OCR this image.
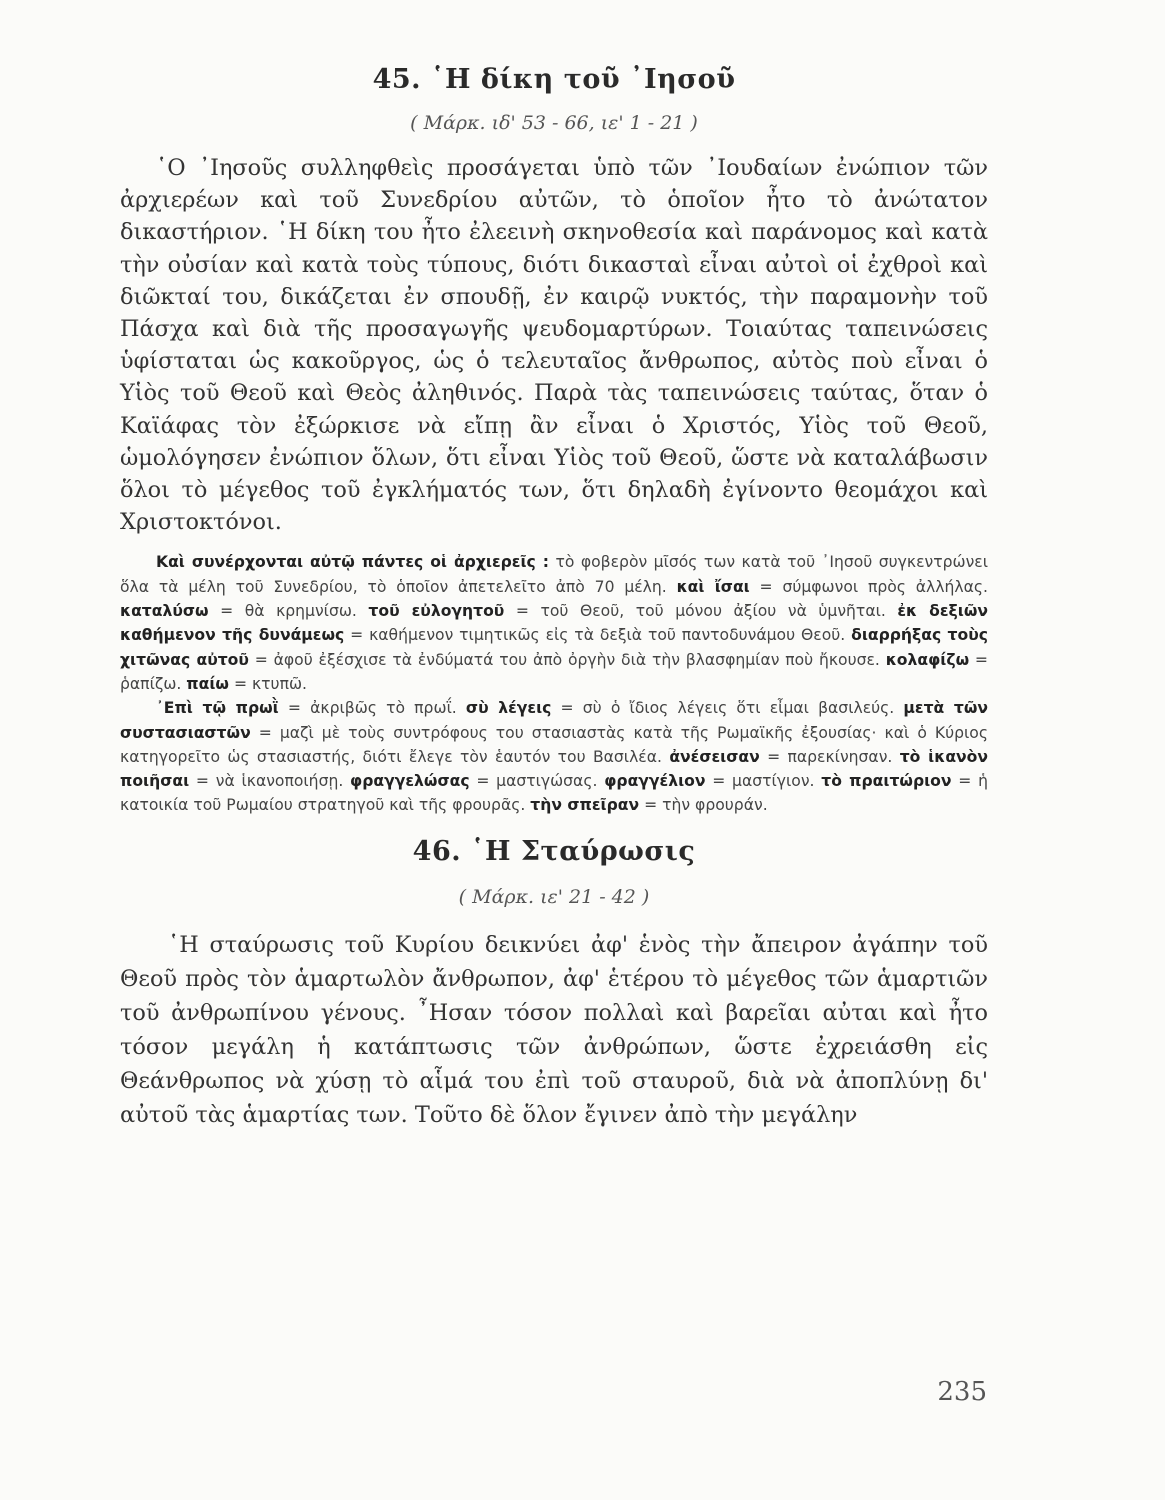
45. ῾Η δίκη τοῦ ᾿Ιησοῦ
( Μάρκ. ιδ' 53 - 66, ιε' 1 - 21 )

῾Ο ᾿Ιησοῦς συλληφθεὶς προσάγεται ὑπὸ τῶν ᾿Ιουδαίων ἐνώπιον τῶν ἀρχιερέων καὶ τοῦ Συνεδρίου αὐτῶν, τὸ ὁποῖον ἦτο τὸ ἀνώτατον δικαστήριον. ῾Η δίκη του ἦτο ἐλεεινὴ σκηνοθεσία καὶ παράνομος καὶ κατὰ τὴν οὐσίαν καὶ κατὰ τοὺς τύπους, διότι δικασταὶ εἶναι αὐτοὶ οἱ ἐχθροὶ καὶ διῶκταί του, δικάζεται ἐν σπουδῇ, ἐν καιρῷ νυκτός, τὴν παραμονὴν τοῦ Πάσχα καὶ διὰ τῆς προσαγωγῆς ψευδομαρτύρων. Τοιαύτας ταπεινώσεις ὑφίσταται ὡς κακοῦργος, ὡς ὁ τελευταῖος ἄνθρωπος, αὐτὸς ποὺ εἶναι ὁ Υἱὸς τοῦ Θεοῦ καὶ Θεὸς ἀληθινός. Παρὰ τὰς ταπεινώσεις ταύτας, ὅταν ὁ Καϊάφας τὸν ἐξώρκισε νὰ εἴπῃ ἂν εἶναι ὁ Χριστός, Υἱὸς τοῦ Θεοῦ, ὡμολόγησεν ἐνώπιον ὅλων, ὅτι εἶναι Υἱὸς τοῦ Θεοῦ, ὥστε νὰ καταλάβωσιν ὅλοι τὸ μέγεθος τοῦ ἐγκλήματός των, ὅτι δηλαδὴ ἐγίνοντο θεομάχοι καὶ Χριστοκτόνοι.

Καὶ συνέρχονται αὐτῷ πάντες οἱ ἀρχιερεῖς : τὸ φοβερὸν μῖσός των κατὰ τοῦ ᾿Ιησοῦ συγκεντρώνει ὅλα τὰ μέλη τοῦ Συνεδρίου, τὸ ὁποῖον ἀπετελεῖτο ἀπὸ 70 μέλη. καὶ ἴσαι = σύμφωνοι πρὸς ἀλλήλας. καταλύσω = θὰ κρημνίσω. τοῦ εὐλογητοῦ = τοῦ Θεοῦ, τοῦ μόνου ἀξίου νὰ ὑμνῆται. ἐκ δεξιῶν καθήμενον τῆς δυνάμεως = καθήμενον τιμητικῶς εἰς τὰ δεξιὰ τοῦ παντοδυνάμου Θεοῦ. διαρρήξας τοὺς χιτῶνας αὐτοῦ = ἀφοῦ ἐξέσχισε τὰ ἐνδύματά του ἀπὸ ὀργὴν διὰ τὴν βλασφημίαν ποὺ ἤκουσε. κολαφίζω = ῥαπίζω. παίω = κτυπῶ.

᾿Επὶ τῷ πρωῒ = ἀκριβῶς τὸ πρωΐ. σὺ λέγεις = σὺ ὁ ἴδιος λέγεις ὅτι εἶμαι βασιλεύς. μετὰ τῶν συστασιαστῶν = μαζὶ μὲ τοὺς συντρόφους του στασιαστὰς κατὰ τῆς Ρωμαϊκῆς ἐξουσίας· καὶ ὁ Κύριος κατηγορεῖτο ὡς στασιαστής, διότι ἔλεγε τὸν ἑαυτόν του Βασιλέα. ἀνέσεισαν = παρεκίνησαν. τὸ ἱκανὸν ποιῆσαι = νὰ ἱκανοποιήσῃ. φραγγελώσας = μαστιγώσας. φραγγέλιον = μαστίγιον. τὸ πραιτώριον = ἡ κατοικία τοῦ Ρωμαίου στρατηγοῦ καὶ τῆς φρουρᾶς. τὴν σπεῖραν = τὴν φρουράν.

46. ῾Η Σταύρωσις
( Μάρκ. ιε' 21 - 42 )

῾Η σταύρωσις τοῦ Κυρίου δεικνύει ἀφ' ἑνὸς τὴν ἄπειρον ἀγάπην τοῦ Θεοῦ πρὸς τὸν ἁμαρτωλὸν ἄνθρωπον, ἀφ' ἑτέρου τὸ μέγεθος τῶν ἁμαρτιῶν τοῦ ἀνθρωπίνου γένους. ῏Ησαν τόσον πολλαὶ καὶ βαρεῖαι αὐται καὶ ἦτο τόσον μεγάλη ἡ κατάπτωσις τῶν ἀνθρώπων, ὥστε ἐχρειάσθη εἰς Θεάνθρωπος νὰ χύσῃ τὸ αἷμά του ἐπὶ τοῦ σταυροῦ, διὰ νὰ ἀποπλύνῃ δι' αὐτοῦ τὰς ἁμαρτίας των. Τοῦτο δὲ ὅλον ἔγινεν ἀπὸ τὴν μεγάλην

235
